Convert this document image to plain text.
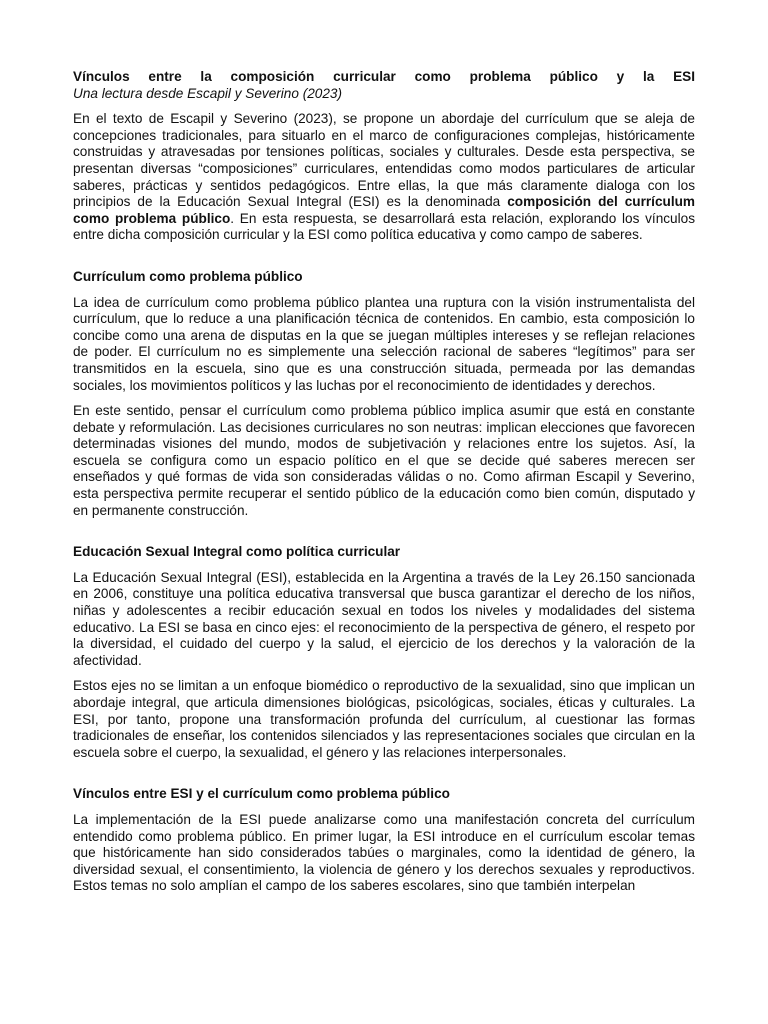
Vínculos entre la composición curricular como problema público y la ESI
Una lectura desde Escapil y Severino (2023)

En el texto de Escapil y Severino (2023), se propone un abordaje del currículum que se aleja de concepciones tradicionales, para situarlo en el marco de configuraciones complejas, históricamente construidas y atravesadas por tensiones políticas, sociales y culturales. Desde esta perspectiva, se presentan diversas “composiciones” curriculares, entendidas como modos particulares de articular saberes, prácticas y sentidos pedagógicos. Entre ellas, la que más claramente dialoga con los principios de la Educación Sexual Integral (ESI) es la denominada composición del currículum como problema público. En esta respuesta, se desarrollará esta relación, explorando los vínculos entre dicha composición curricular y la ESI como política educativa y como campo de saberes.

Currículum como problema público

La idea de currículum como problema público plantea una ruptura con la visión instrumentalista del currículum, que lo reduce a una planificación técnica de contenidos. En cambio, esta composición lo concibe como una arena de disputas en la que se juegan múltiples intereses y se reflejan relaciones de poder. El currículum no es simplemente una selección racional de saberes “legítimos” para ser transmitidos en la escuela, sino que es una construcción situada, permeada por las demandas sociales, los movimientos políticos y las luchas por el reconocimiento de identidades y derechos.

En este sentido, pensar el currículum como problema público implica asumir que está en constante debate y reformulación. Las decisiones curriculares no son neutras: implican elecciones que favorecen determinadas visiones del mundo, modos de subjetivación y relaciones entre los sujetos. Así, la escuela se configura como un espacio político en el que se decide qué saberes merecen ser enseñados y qué formas de vida son consideradas válidas o no. Como afirman Escapil y Severino, esta perspectiva permite recuperar el sentido público de la educación como bien común, disputado y en permanente construcción.

Educación Sexual Integral como política curricular

La Educación Sexual Integral (ESI), establecida en la Argentina a través de la Ley 26.150 sancionada en 2006, constituye una política educativa transversal que busca garantizar el derecho de los niños, niñas y adolescentes a recibir educación sexual en todos los niveles y modalidades del sistema educativo. La ESI se basa en cinco ejes: el reconocimiento de la perspectiva de género, el respeto por la diversidad, el cuidado del cuerpo y la salud, el ejercicio de los derechos y la valoración de la afectividad.

Estos ejes no se limitan a un enfoque biomédico o reproductivo de la sexualidad, sino que implican un abordaje integral, que articula dimensiones biológicas, psicológicas, sociales, éticas y culturales. La ESI, por tanto, propone una transformación profunda del currículum, al cuestionar las formas tradicionales de enseñar, los contenidos silenciados y las representaciones sociales que circulan en la escuela sobre el cuerpo, la sexualidad, el género y las relaciones interpersonales.

Vínculos entre ESI y el currículum como problema público

La implementación de la ESI puede analizarse como una manifestación concreta del currículum entendido como problema público. En primer lugar, la ESI introduce en el currículum escolar temas que históricamente han sido considerados tabúes o marginales, como la identidad de género, la diversidad sexual, el consentimiento, la violencia de género y los derechos sexuales y reproductivos. Estos temas no solo amplían el campo de los saberes escolares, sino que también interpelan
